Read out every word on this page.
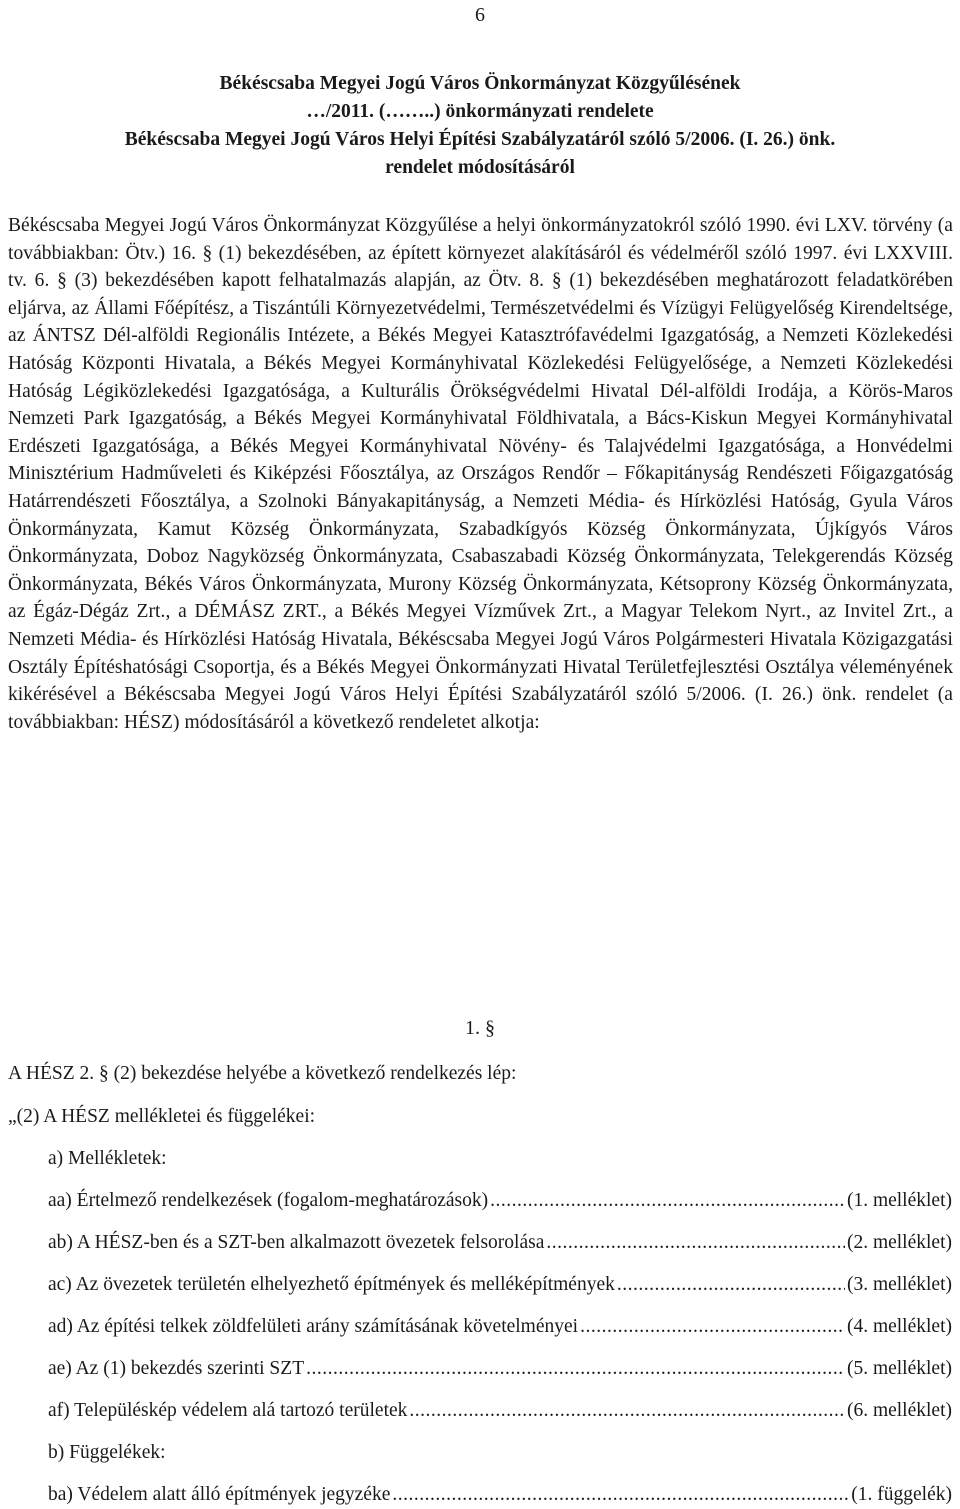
6
Békéscsaba Megyei Jogú Város Önkormányzat Közgyűlésének
…/2011. (……..) önkormányzati rendelete
Békéscsaba Megyei Jogú Város Helyi Építési Szabályzatáról szóló 5/2006. (I. 26.) önk.
rendelet módosításáról

Békéscsaba Megyei Jogú Város Önkormányzat Közgyűlése a helyi önkormányzatokról szóló 1990. évi LXV. törvény (a továbbiakban: Ötv.) 16. § (1) bekezdésében, az épített környezet alakításáról és védelméről szóló 1997. évi LXXVIII. tv. 6. § (3) bekezdésében kapott felhatalmazás alapján, az Ötv. 8. § (1) bekezdésében meghatározott feladatkörében eljárva, az Állami Főépítész, a Tiszántúli Környezetvédelmi, Természetvédelmi és Vízügyi Felügyelőség Kirendeltsége, az ÁNTSZ Dél-alföldi Regionális Intézete, a Békés Megyei Katasztrófavédelmi Igazgatóság, a Nemzeti Közlekedési Hatóság Központi Hivatala, a Békés Megyei Kormányhivatal Közlekedési Felügyelősége, a Nemzeti Közlekedési Hatóság Légiközlekedési Igazgatósága, a Kulturális Örökségvédelmi Hivatal Dél-alföldi Irodája, a Körös-Maros Nemzeti Park Igazgatóság, a Békés Megyei Kormányhivatal Földhivatala, a Bács-Kiskun Megyei Kormányhivatal Erdészeti Igazgatósága, a Békés Megyei Kormányhivatal Növény- és Talajvédelmi Igazgatósága, a Honvédelmi Minisztérium Hadműveleti és Kiképzési Főosztálya, az Országos Rendőr – Főkapitányság Rendészeti Főigazgatóság Határrendészeti Főosztálya, a Szolnoki Bányakapitányság, a Nemzeti Média- és Hírközlési Hatóság, Gyula Város Önkormányzata, Kamut Község Önkormányzata, Szabadkígyós Község Önkormányzata, Újkígyós Város Önkormányzata, Doboz Nagyközség Önkormányzata, Csabaszabadi Község Önkormányzata, Telekgerendás Község Önkormányzata, Békés Város Önkormányzata, Murony Község Önkormányzata, Kétsoprony Község Önkormányzata, az Égáz-Dégáz Zrt., a DÉMÁSZ ZRT., a Békés Megyei Vízművek Zrt., a Magyar Telekom Nyrt., az Invitel Zrt., a Nemzeti Média- és Hírközlési Hatóság Hivatala, Békéscsaba Megyei Jogú Város Polgármesteri Hivatala Közigazgatási Osztály Építéshatósági Csoportja, és a Békés Megyei Önkormányzati Hivatal Területfejlesztési Osztálya véleményének kikérésével a Békéscsaba Megyei Jogú Város Helyi Építési Szabályzatáról szóló 5/2006. (I. 26.) önk. rendelet (a továbbiakban: HÉSZ) módosításáról a következő rendeletet alkotja:

1. §
A HÉSZ 2. § (2) bekezdése helyébe a következő rendelkezés lép:
„(2) A HÉSZ mellékletei és függelékei:
a) Mellékletek:
aa) Értelmező rendelkezések (fogalom-meghatározások) .....	(1. melléklet)
ab) A HÉSZ-ben és a SZT-ben alkalmazott övezetek felsorolása .....	(2. melléklet)
ac) Az övezetek területén elhelyezhető építmények és melléképítmények .....	(3. melléklet)
ad) Az építési telkek zöldfelületi arány számításának követelményei .....	(4. melléklet)
ae) Az (1) bekezdés szerinti SZT .....	(5. melléklet)
af) Településkép védelem alá tartozó területek .....	(6. melléklet)
b) Függelékek:
ba) Védelem alatt álló építmények jegyzéke .....	(1. függelék)
